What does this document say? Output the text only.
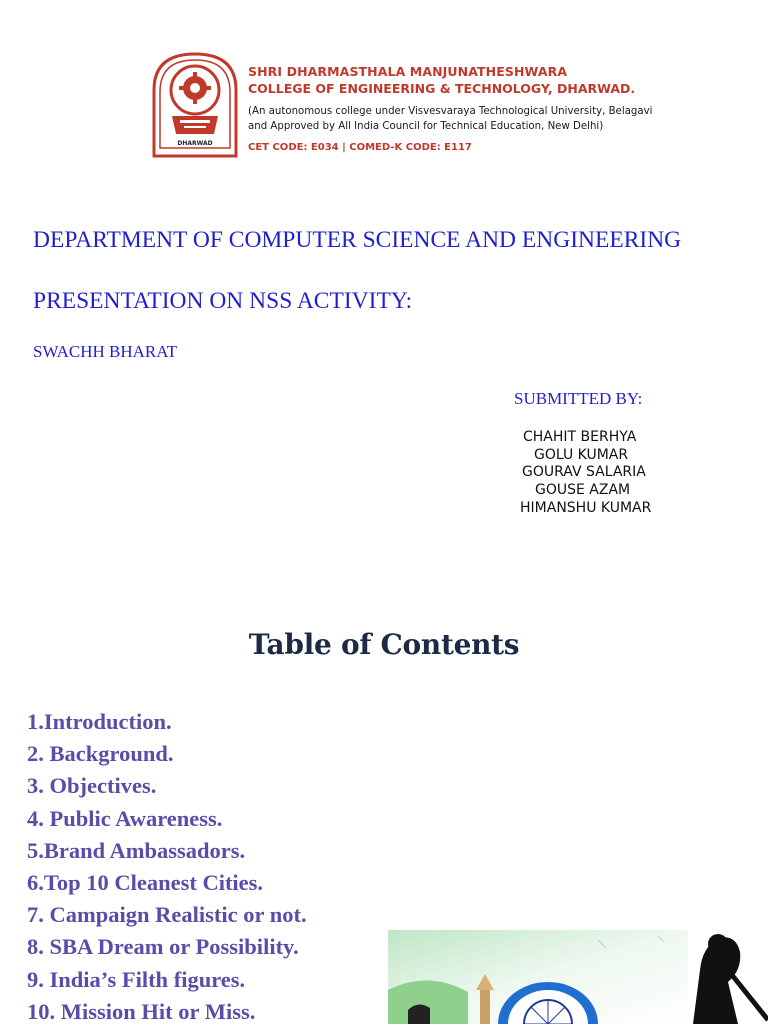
DHARWAD
SHRI DHARMASTHALA MANJUNATHESHWARA
COLLEGE OF ENGINEERING & TECHNOLOGY, DHARWAD.
(An autonomous college under Visvesvaraya Technological University, Belagavi
and Approved by All India Council for Technical Education, New Delhi)
CET CODE: E034 | COMED-K CODE: E117
DEPARTMENT OF COMPUTER SCIENCE AND ENGINEERING
PRESENTATION ON NSS ACTIVITY:
SWACHH BHARAT
SUBMITTED BY:
CHAHIT BERHYA
GOLU KUMAR
GOURAV SALARIA
GOUSE AZAM
HIMANSHU KUMAR
Table of Contents
1.Introduction.
2. Background.
3. Objectives.
4. Public Awareness.
5.Brand Ambassadors.
6.Top 10 Cleanest Cities.
7. Campaign Realistic or not.
8. SBA Dream or Possibility.
9. India’s Filth figures.
10. Mission Hit or Miss.
